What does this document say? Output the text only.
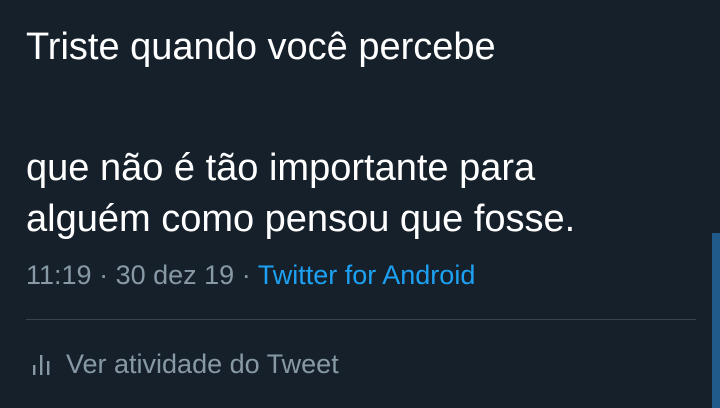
Triste quando você percebe
que não é tão importante para
alguém como pensou que fosse.
11:19 · 30 dez 19 · Twitter for Android
Ver atividade do Tweet
